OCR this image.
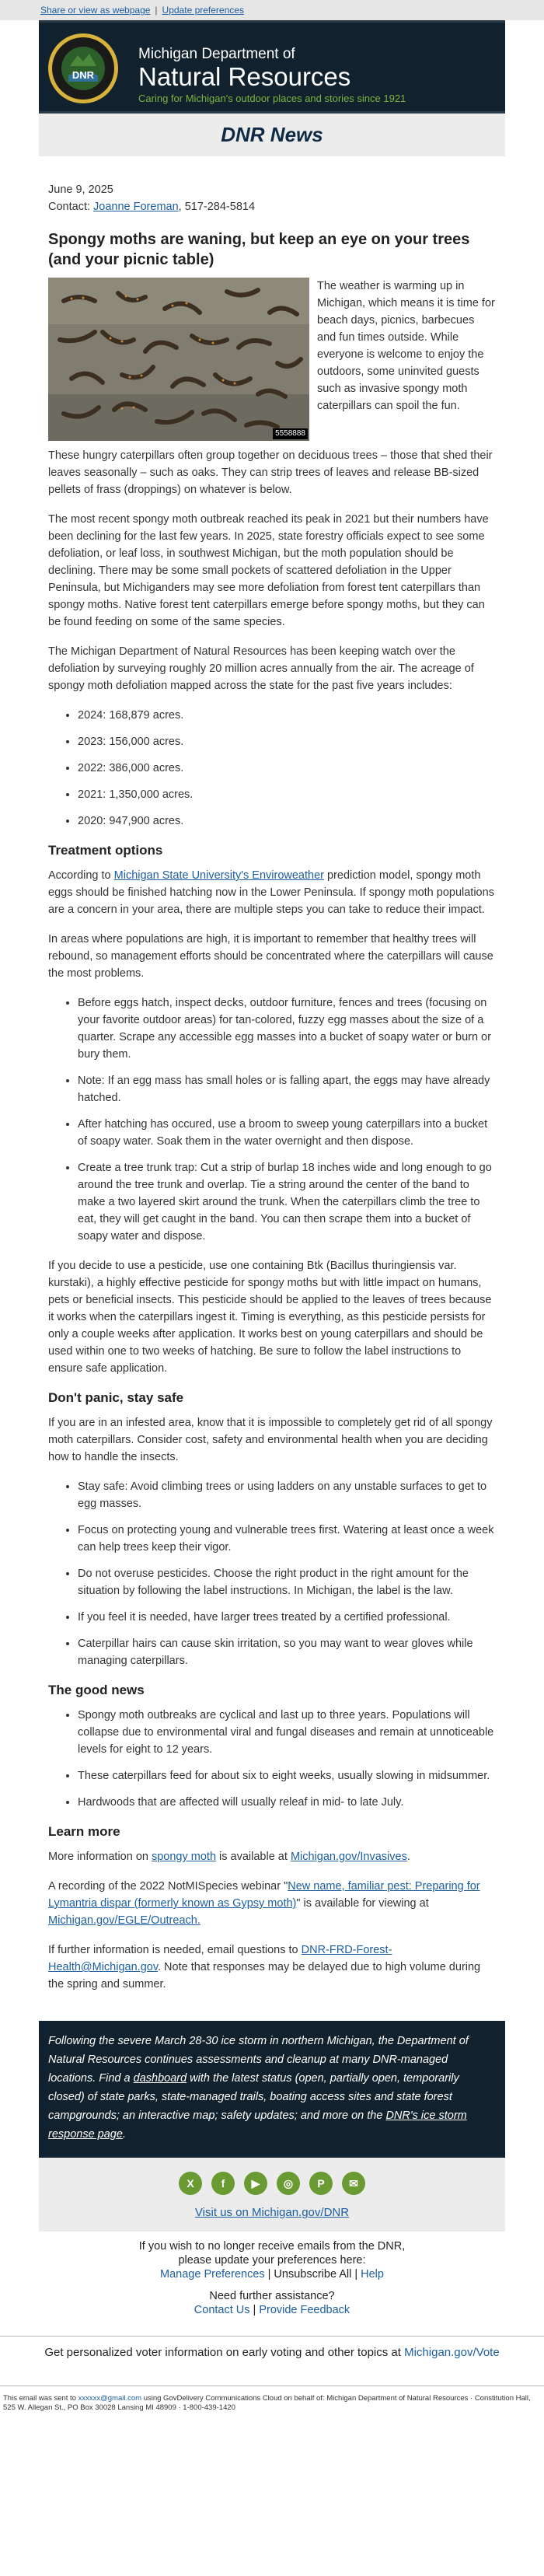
Share or view as webpage | Update preferences
DNR
Michigan Department of
Natural Resources
Caring for Michigan's outdoor places and stories since 1921
DNR News

June 9, 2025

Contact: Joanne Foreman, 517-284-5814

Spongy moths are waning, but keep an eye on your trees (and your picnic table)
5558888

The weather is warming up in Michigan, which means it is time for beach days, picnics, barbecues and fun times outside. While everyone is welcome to enjoy the outdoors, some uninvited guests such as invasive spongy moth caterpillars can spoil the fun.

These hungry caterpillars often group together on deciduous trees – those that shed their leaves seasonally – such as oaks. They can strip trees of leaves and release BB-sized pellets of frass (droppings) on whatever is below.

The most recent spongy moth outbreak reached its peak in 2021 but their numbers have been declining for the last few years. In 2025, state forestry officials expect to see some defoliation, or leaf loss, in southwest Michigan, but the moth population should be declining. There may be some small pockets of scattered defoliation in the Upper Peninsula, but Michiganders may see more defoliation from forest tent caterpillars than spongy moths. Native forest tent caterpillars emerge before spongy moths, but they can be found feeding on some of the same species.

The Michigan Department of Natural Resources has been keeping watch over the defoliation by surveying roughly 20 million acres annually from the air. The acreage of spongy moth defoliation mapped across the state for the past five years includes:

• 2024: 168,879 acres.
• 2023: 156,000 acres.
• 2022: 386,000 acres.
• 2021: 1,350,000 acres.
• 2020: 947,900 acres.
Treatment options

According to Michigan State University's Enviroweather prediction model, spongy moth eggs should be finished hatching now in the Lower Peninsula. If spongy moth populations are a concern in your area, there are multiple steps you can take to reduce their impact.

In areas where populations are high, it is important to remember that healthy trees will rebound, so management efforts should be concentrated where the caterpillars will cause the most problems.

• Before eggs hatch, inspect decks, outdoor furniture, fences and trees (focusing on your favorite outdoor areas) for tan-colored, fuzzy egg masses about the size of a quarter. Scrape any accessible egg masses into a bucket of soapy water or burn or bury them.
• Note: If an egg mass has small holes or is falling apart, the eggs may have already hatched.
• After hatching has occured, use a broom to sweep young caterpillars into a bucket of soapy water. Soak them in the water overnight and then dispose.
• Create a tree trunk trap: Cut a strip of burlap 18 inches wide and long enough to go around the tree trunk and overlap. Tie a string around the center of the band to make a two layered skirt around the trunk. When the caterpillars climb the tree to eat, they will get caught in the band. You can then scrape them into a bucket of soapy water and dispose.

If you decide to use a pesticide, use one containing Btk (Bacillus thuringiensis var. kurstaki), a highly effective pesticide for spongy moths but with little impact on humans, pets or beneficial insects. This pesticide should be applied to the leaves of trees because it works when the caterpillars ingest it. Timing is everything, as this pesticide persists for only a couple weeks after application. It works best on young caterpillars and should be used within one to two weeks of hatching. Be sure to follow the label instructions to ensure safe application.

Don't panic, stay safe

If you are in an infested area, know that it is impossible to completely get rid of all spongy moth caterpillars. Consider cost, safety and environmental health when you are deciding how to handle the insects.

• Stay safe: Avoid climbing trees or using ladders on any unstable surfaces to get to egg masses.
• Focus on protecting young and vulnerable trees first. Watering at least once a week can help trees keep their vigor.
• Do not overuse pesticides. Choose the right product in the right amount for the situation by following the label instructions. In Michigan, the label is the law.
• If you feel it is needed, have larger trees treated by a certified professional.
• Caterpillar hairs can cause skin irritation, so you may want to wear gloves while managing caterpillars.
The good news
• Spongy moth outbreaks are cyclical and last up to three years. Populations will collapse due to environmental viral and fungal diseases and remain at unnoticeable levels for eight to 12 years.
• These caterpillars feed for about six to eight weeks, usually slowing in midsummer.
• Hardwoods that are affected will usually releaf in mid- to late July.
Learn more

More information on spongy moth is available at Michigan.gov/Invasives.

A recording of the 2022 NotMISpecies webinar "New name, familiar pest: Preparing for Lymantria dispar (formerly known as Gypsy moth)" is available for viewing at Michigan.gov/EGLE/Outreach.

If further information is needed, email questions to DNR-FRD-Forest-Health@Michigan.gov. Note that responses may be delayed due to high volume during the spring and summer.

Following the severe March 28-30 ice storm in northern Michigan, the Department of Natural Resources continues assessments and cleanup at many DNR-managed locations. Find a dashboard with the latest status (open, partially open, temporarily closed) of state parks, state-managed trails, boating access sites and state forest campgrounds; an interactive map; safety updates; and more on the DNR's ice storm response page.
X f ▶ ◎ P ✉
Visit us on Michigan.gov/DNR
If you wish to no longer receive emails from the DNR,
please update your preferences here:
Manage Preferences | Unsubscribe All | Help
Need further assistance?
Contact Us | Provide Feedback
Get personalized voter information on early voting and other topics at Michigan.gov/Vote
This email was sent to xxxxxx@gmail.com using GovDelivery Communications Cloud on behalf of: Michigan Department of Natural Resources · Constitution Hall, 525 W. Allegan St., PO Box 30028 Lansing MI 48909 · 1-800-439-1420
